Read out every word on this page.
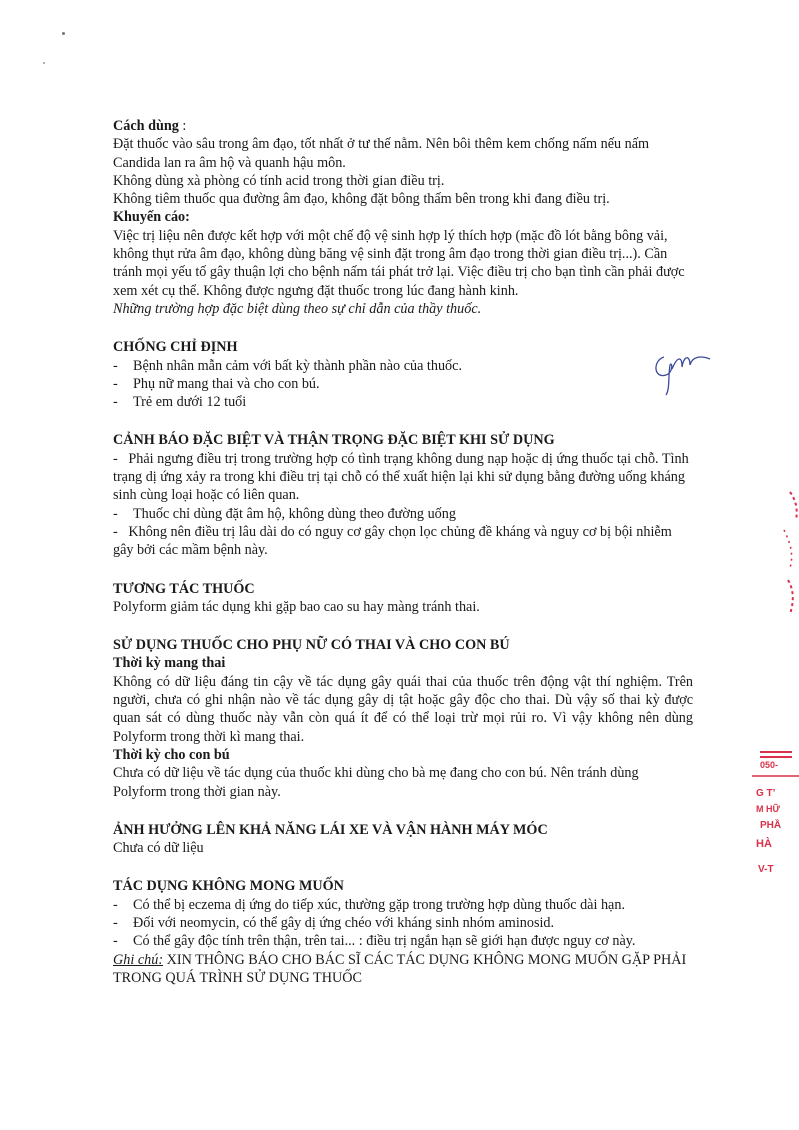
Cách dùng :

Đặt thuốc vào sâu trong âm đạo, tốt nhất ở tư thế nằm. Nên bôi thêm kem chống nấm nếu nấm Candida lan ra âm hộ và quanh hậu môn.

Không dùng xà phòng có tính acid trong thời gian điều trị.

Không tiêm thuốc qua đường âm đạo, không đặt bông thấm bên trong khi đang điều trị.

Khuyến cáo:

Việc trị liệu nên được kết hợp với một chế độ vệ sinh hợp lý thích hợp (mặc đồ lót bằng bông vải, không thụt rửa âm đạo, không dùng băng vệ sinh đặt trong âm đạo trong thời gian điều trị...). Cần tránh mọi yếu tố gây thuận lợi cho bệnh nấm tái phát trở lại. Việc điều trị cho bạn tình cần phải được xem xét cụ thể. Không được ngưng đặt thuốc trong lúc đang hành kinh.

Những trường hợp đặc biệt dùng theo sự chỉ dẫn của thầy thuốc.

CHỐNG CHỈ ĐỊNH

- Bệnh nhân mẫn cảm với bất kỳ thành phần nào của thuốc.

- Phụ nữ mang thai và cho con bú.

- Trẻ em dưới 12 tuổi

CẢNH BÁO ĐẶC BIỆT VÀ THẬN TRỌNG ĐẶC BIỆT KHI SỬ DỤNG

-   Phải ngưng điều trị trong trường hợp có tình trạng không dung nạp hoặc dị ứng thuốc tại chỗ. Tình trạng dị ứng xảy ra trong khi điều trị tại chỗ có thể xuất hiện lại khi sử dụng bằng đường uống kháng sinh cùng loại hoặc có liên quan.

- Thuốc chỉ dùng đặt âm hộ, không dùng theo đường uống

-   Không nên điều trị lâu dài do có nguy cơ gây chọn lọc chủng đề kháng và nguy cơ bị bội nhiễm gây bởi các mầm bệnh này.

TƯƠNG TÁC THUỐC

Polyform giảm tác dụng khi gặp bao cao su hay màng tránh thai.

SỬ DỤNG THUỐC CHO PHỤ NỮ CÓ THAI VÀ CHO CON BÚ

Thời kỳ mang thai

Không có dữ liệu đáng tin cậy về tác dụng gây quái thai của thuốc trên động vật thí nghiệm. Trên người, chưa có ghi nhận nào về tác dụng gây dị tật hoặc gây độc cho thai. Dù vậy số thai kỳ được quan sát có dùng thuốc này vẫn còn quá ít để có thể loại trừ mọi rủi ro. Vì vậy không nên dùng Polyform trong thời kì mang thai.

Thời kỳ cho con bú

Chưa có dữ liệu về tác dụng của thuốc khi dùng cho bà mẹ đang cho con bú. Nên tránh dùng Polyform trong thời gian này.

ẢNH HƯỞNG LÊN KHẢ NĂNG LÁI XE VÀ VẬN HÀNH MÁY MÓC

Chưa có dữ liệu

TÁC DỤNG KHÔNG MONG MUỐN

- Có thể bị eczema dị ứng do tiếp xúc, thường gặp trong trường hợp dùng thuốc dài hạn.

- Đối với neomycin, có thể gây dị ứng chéo với kháng sinh nhóm aminosid.

- Có thể gây độc tính trên thận, trên tai... : điều trị ngắn hạn sẽ giới hạn được nguy cơ này.

Ghi chú: XIN THÔNG BÁO CHO BÁC SĨ CÁC TÁC DỤNG KHÔNG MONG MUỐN GẶP PHẢI TRONG QUÁ TRÌNH SỬ DỤNG THUỐC

050-
G T’
M HỮ
PHẦ
HÀ
V-T
